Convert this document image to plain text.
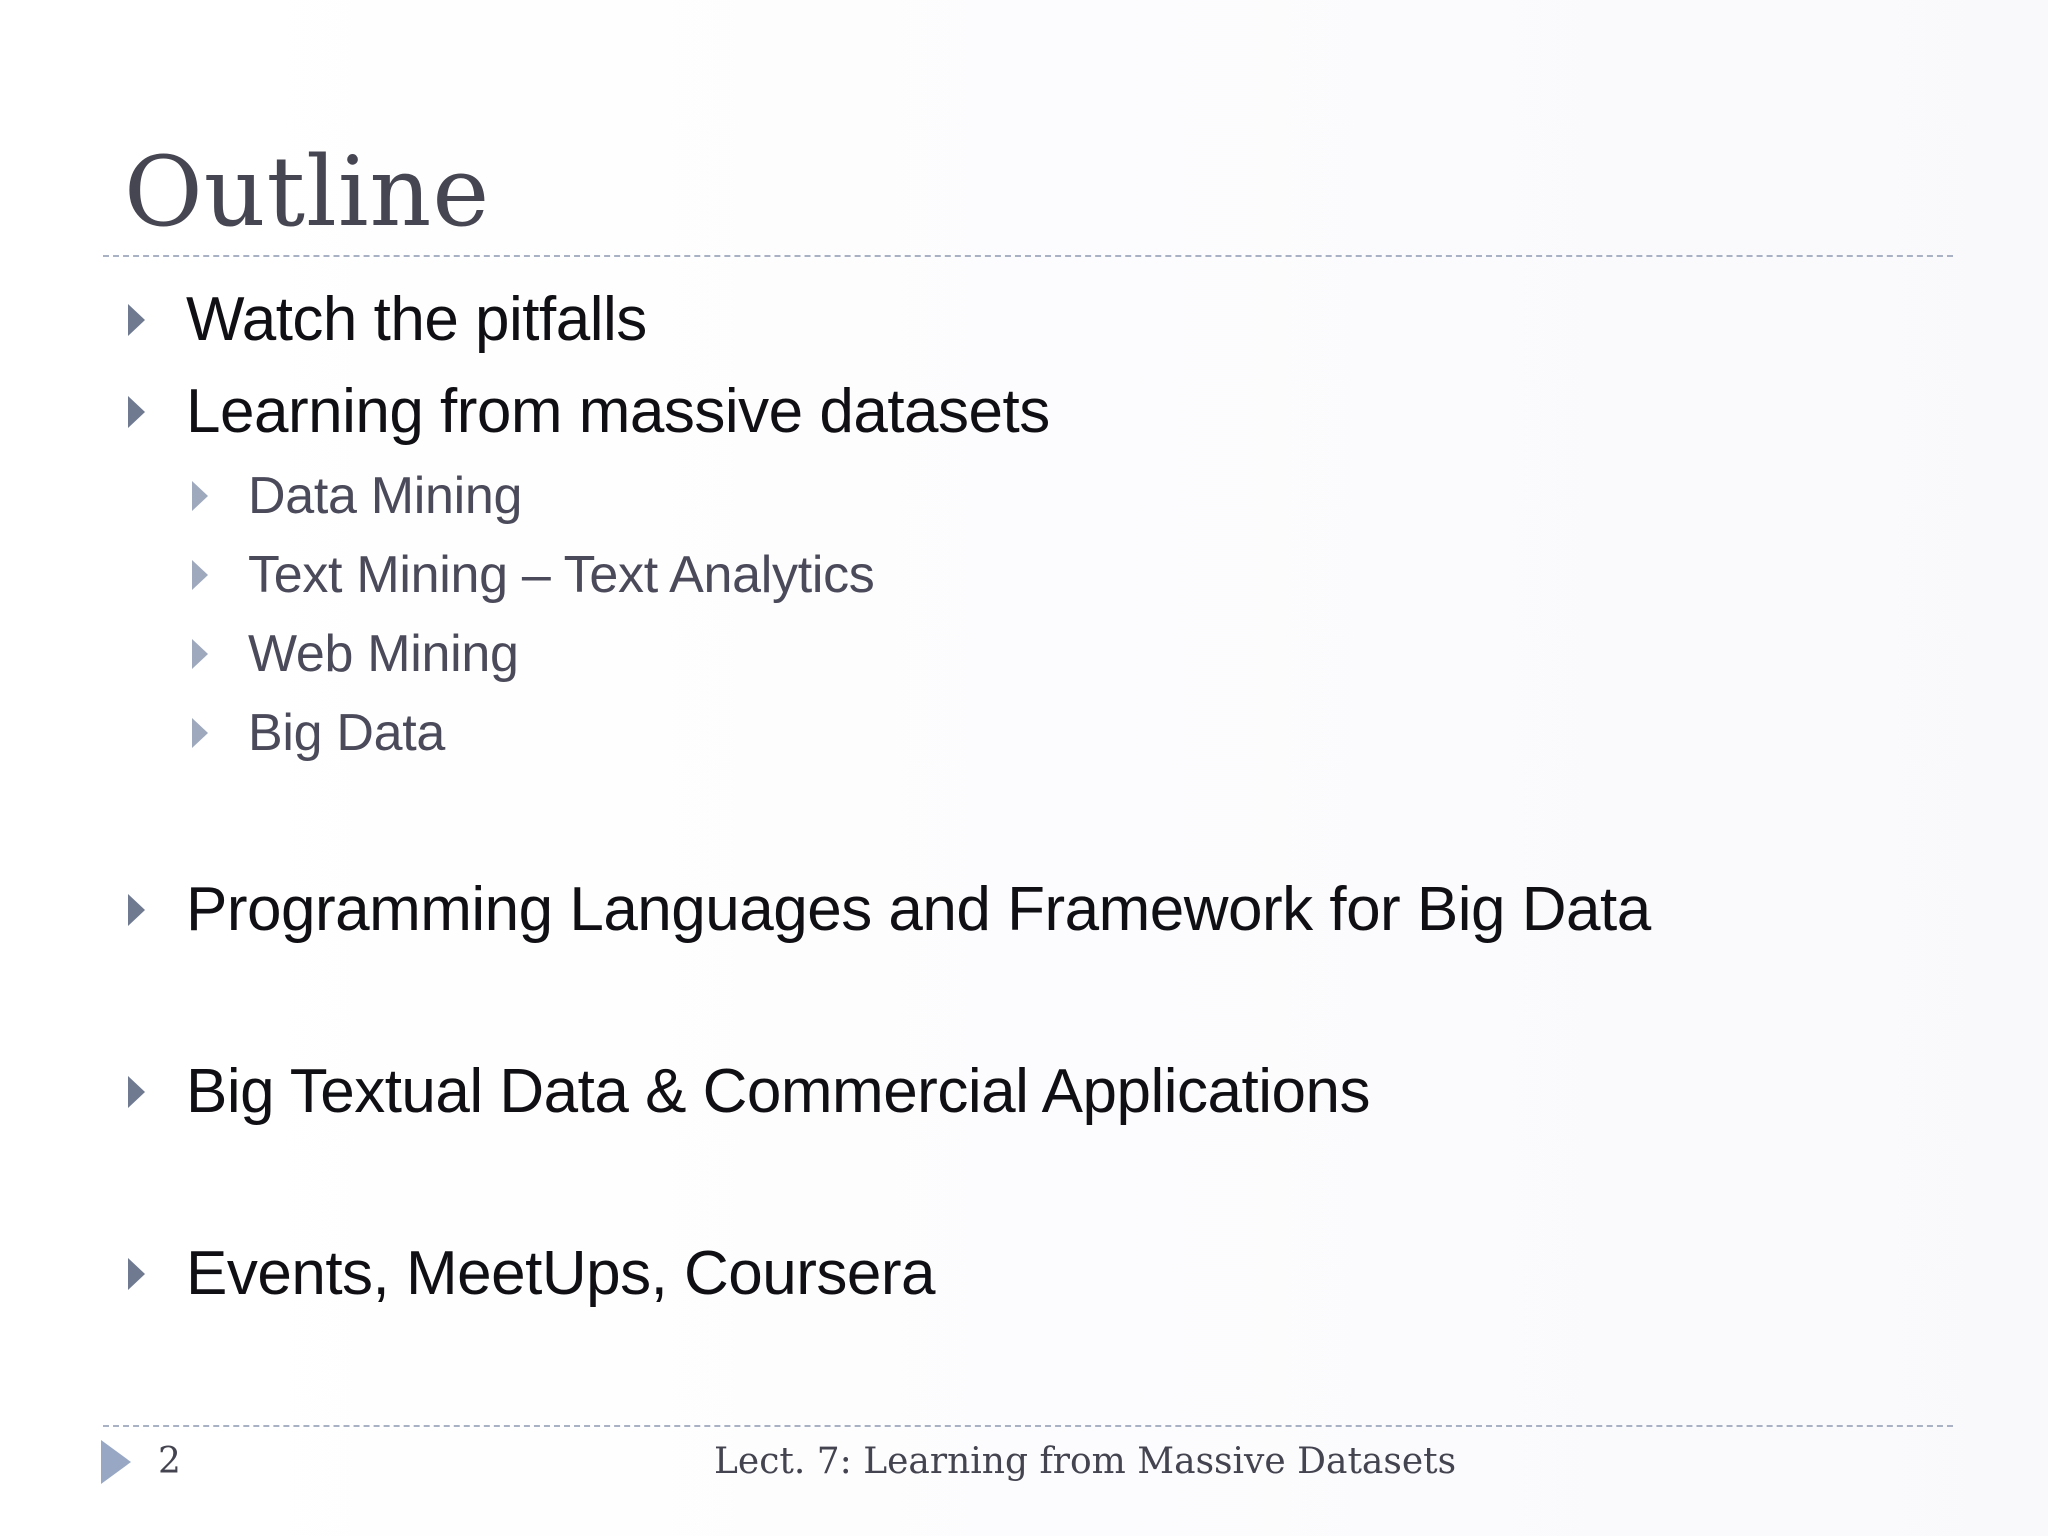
Outline
Watch the pitfalls
Learning from massive datasets
Data Mining
Text Mining – Text Analytics
Web Mining
Big Data
Programming Languages and Framework for Big Data
Big Textual Data & Commercial Applications
Events, MeetUps, Coursera
2	Lect. 7: Learning from Massive Datasets
